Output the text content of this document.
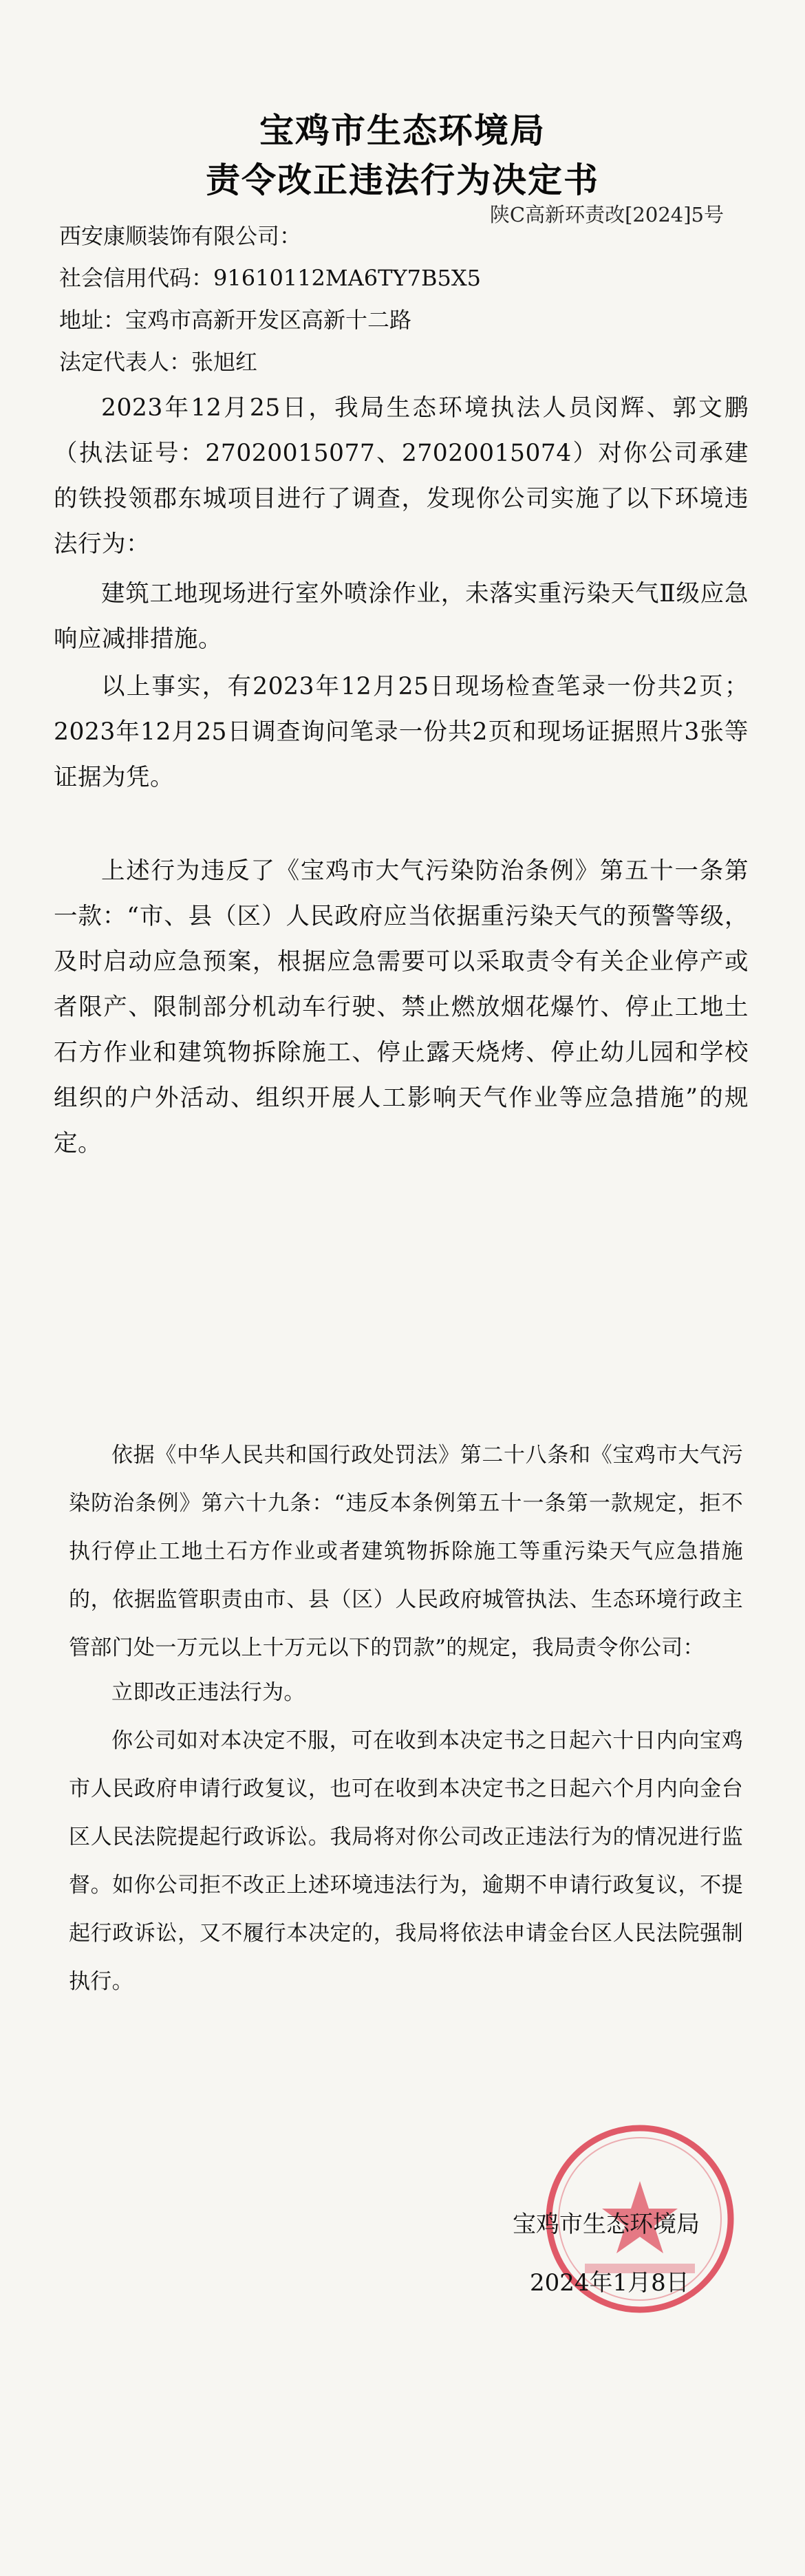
宝鸡市生态环境局
责令改正违法行为决定书
陕C高新环责改[2024]5号
西安康顺装饰有限公司：
社会信用代码：91610112MA6TY7B5X5
地址：宝鸡市高新开发区高新十二路
法定代表人：张旭红
2023年12月25日，我局生态环境执法人员闵辉、郭文鹏（执法证号：27020015077、27020015074）对你公司承建的铁投领郡东城项目进行了调查，发现你公司实施了以下环境违法行为：
建筑工地现场进行室外喷涂作业，未落实重污染天气Ⅱ级应急响应减排措施。
以上事实，有2023年12月25日现场检查笔录一份共2页；2023年12月25日调查询问笔录一份共2页和现场证据照片3张等证据为凭。
上述行为违反了《宝鸡市大气污染防治条例》第五十一条第一款：“市、县（区）人民政府应当依据重污染天气的预警等级，及时启动应急预案，根据应急需要可以采取责令有关企业停产或者限产、限制部分机动车行驶、禁止燃放烟花爆竹、停止工地土石方作业和建筑物拆除施工、停止露天烧烤、停止幼儿园和学校组织的户外活动、组织开展人工影响天气作业等应急措施”的规定。
依据《中华人民共和国行政处罚法》第二十八条和《宝鸡市大气污染防治条例》第六十九条：“违反本条例第五十一条第一款规定，拒不执行停止工地土石方作业或者建筑物拆除施工等重污染天气应急措施的，依据监管职责由市、县（区）人民政府城管执法、生态环境行政主管部门处一万元以上十万元以下的罚款”的规定，我局责令你公司：
立即改正违法行为。
你公司如对本决定不服，可在收到本决定书之日起六十日内向宝鸡市人民政府申请行政复议，也可在收到本决定书之日起六个月内向金台区人民法院提起行政诉讼。我局将对你公司改正违法行为的情况进行监督。如你公司拒不改正上述环境违法行为，逾期不申请行政复议，不提起行政诉讼，又不履行本决定的，我局将依法申请金台区人民法院强制执行。
宝鸡市生态环境局
2024年1月8日
